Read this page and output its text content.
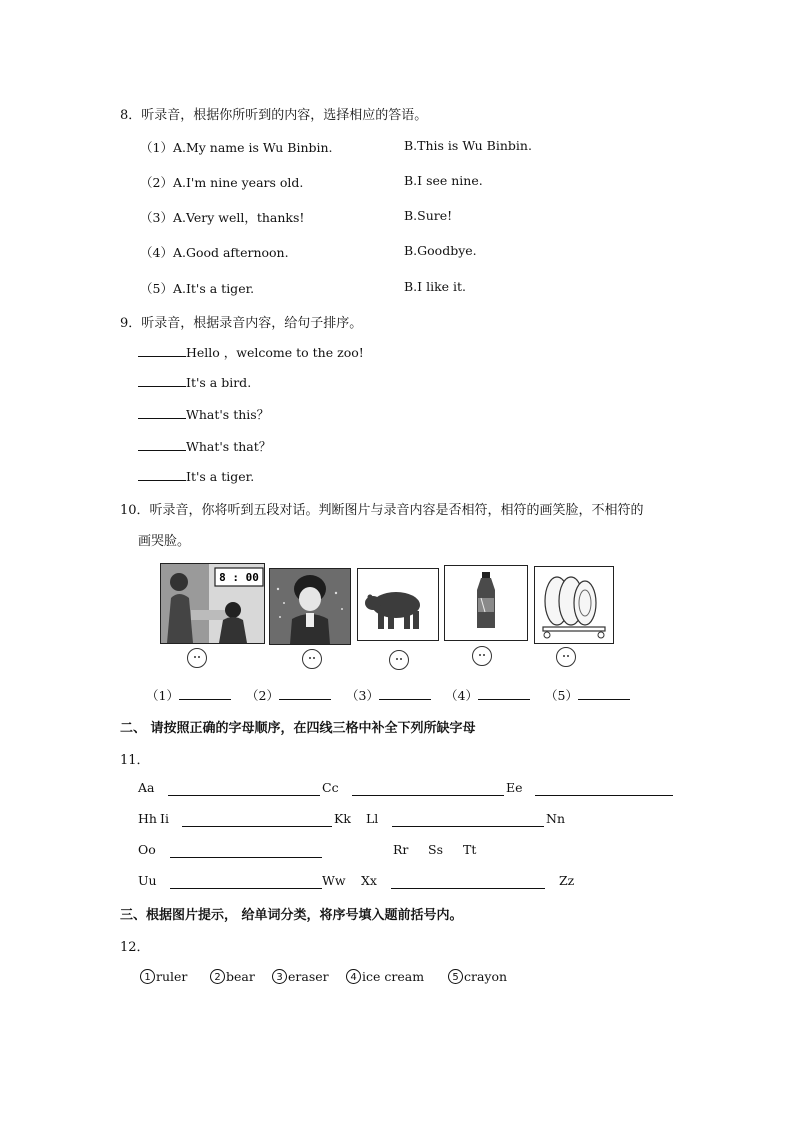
8．听录音，根据你所听到的内容，选择相应的答语。
（1）A.My name is Wu Binbin.	B.This is Wu Binbin.
（2）A.I'm nine years old.	B.I see nine.
（3）A.Very well，thanks!	B.Sure!
（4）A.Good afternoon.	B.Goodbye.
（5）A.It's a tiger.	B.I like it.
9．听录音，根据录音内容，给句子排序。
Hello ，welcome to the zoo!
It's a bird.
What's this？
What's that？
It's a tiger.
10．听录音，你将听到五段对话。判断图片与录音内容是否相符，相符的画笑脸，不相符的
画哭脸。
8 : 00
（1）	（2）	（3）	（4）	（5）
二、 请按照正确的字母顺序，在四线三格中补全下列所缺字母
11．
Aa	Cc	Ee
Hh Ii	Kk Ll	Nn
Oo	Rr Ss Tt
Uu	Ww Xx	Zz
三、根据图片提示， 给单词分类，将序号填入题前括号内。
12．
1 ruler	2 bear	3 eraser	4 ice cream	5 crayon
